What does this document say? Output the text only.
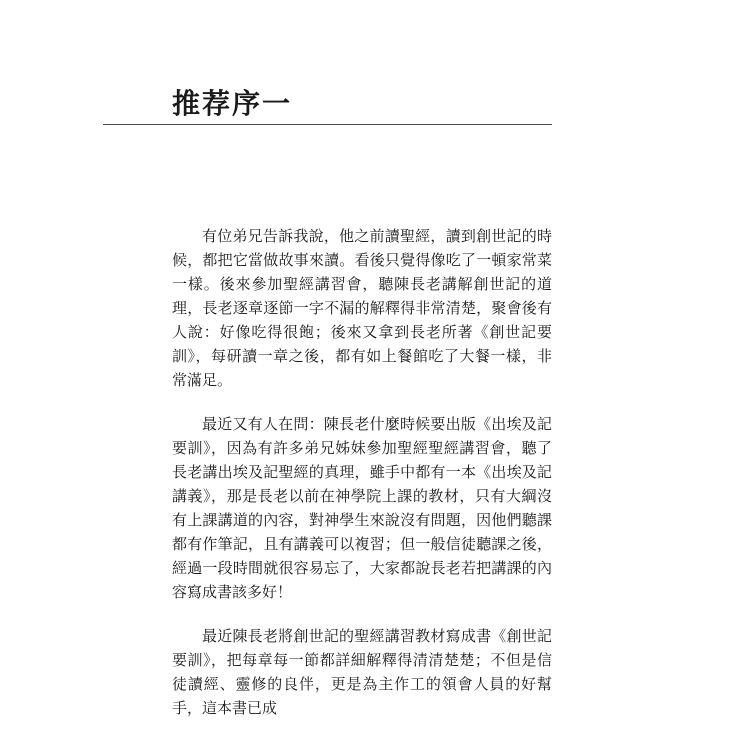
推荐序一

有位弟兄告訴我說，他之前讀聖經，讀到創世記的時候，都把它當做故事來讀。看後只覺得像吃了一頓家常菜一樣。後來參加聖經講習會，聽陳長老講解創世記的道理，長老逐章逐節一字不漏的解釋得非常清楚，聚會後有人說：好像吃得很飽；後來又拿到長老所著《創世記要訓》，每研讀一章之後，都有如上餐館吃了大餐一樣，非常滿足。

最近又有人在問：陳長老什麼時候要出版《出埃及記要訓》，因為有許多弟兄姊妹參加聖經聖經講習會，聽了長老講出埃及記聖經的真理，雖手中都有一本《出埃及記講義》，那是長老以前在神學院上課的教材，只有大綱沒有上課講道的內容，對神學生來說沒有問題，因他們聽課都有作筆記，且有講義可以複習；但一般信徒聽課之後，經過一段時間就很容易忘了，大家都說長老若把講課的內容寫成書該多好！

最近陳長老將創世記的聖經講習教材寫成書《創世記要訓》，把每章每一節都詳細解釋得清清楚楚；不但是信徒讀經、靈修的良伴，更是為主作工的領會人員的好幫手，這本書已成
